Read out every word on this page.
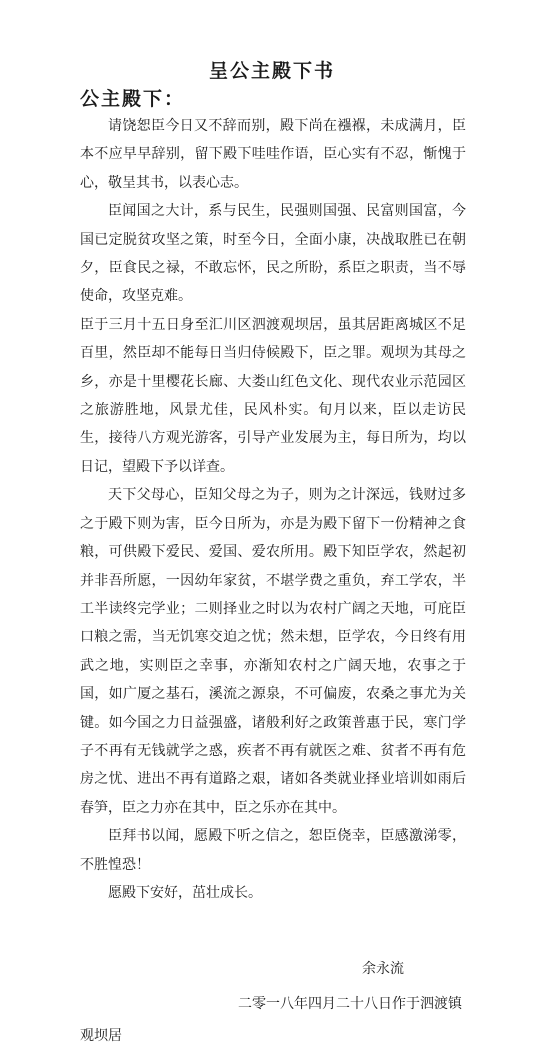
呈公主殿下书
公主殿下：

请饶恕臣今日又不辞而别，殿下尚在襁褓，未成满月，臣本不应早早辞别，留下殿下哇哇作语，臣心实有不忍，惭愧于心，敬呈其书，以表心志。

臣闻国之大计，系与民生，民强则国强、民富则国富，今国已定脱贫攻坚之策，时至今日，全面小康，决战取胜已在朝夕，臣食民之禄，不敢忘怀，民之所盼，系臣之职责，当不辱使命，攻坚克难。

臣于三月十五日身至汇川区泗渡观坝居，虽其居距离城区不足百里，然臣却不能每日当归侍候殿下，臣之罪。观坝为其母之乡，亦是十里樱花长廊、大娄山红色文化、现代农业示范园区之旅游胜地，风景尤佳，民风朴实。旬月以来，臣以走访民生，接待八方观光游客，引导产业发展为主，每日所为，均以日记，望殿下予以详查。

天下父母心，臣知父母之为子，则为之计深远，钱财过多之于殿下则为害，臣今日所为，亦是为殿下留下一份精神之食粮，可供殿下爱民、爱国、爱农所用。殿下知臣学农，然起初并非吾所愿，一因幼年家贫，不堪学费之重负，弃工学农，半工半读终完学业；二则择业之时以为农村广阔之天地，可庇臣口粮之需，当无饥寒交迫之忧；然未想，臣学农，今日终有用武之地，实则臣之幸事，亦渐知农村之广阔天地，农事之于国，如广厦之基石，溪流之源泉，不可偏废，农桑之事尤为关键。如今国之力日益强盛，诸般利好之政策普惠于民，寒门学子不再有无钱就学之惑，疾者不再有就医之难、贫者不再有危房之忧、进出不再有道路之艰，诸如各类就业择业培训如雨后春笋，臣之力亦在其中，臣之乐亦在其中。

臣拜书以闻，愿殿下听之信之，恕臣侥幸，臣感激涕零，不胜惶恐！

愿殿下安好，茁壮成长。

余永流
二零一八年四月二十八日作于泗渡镇观坝居
